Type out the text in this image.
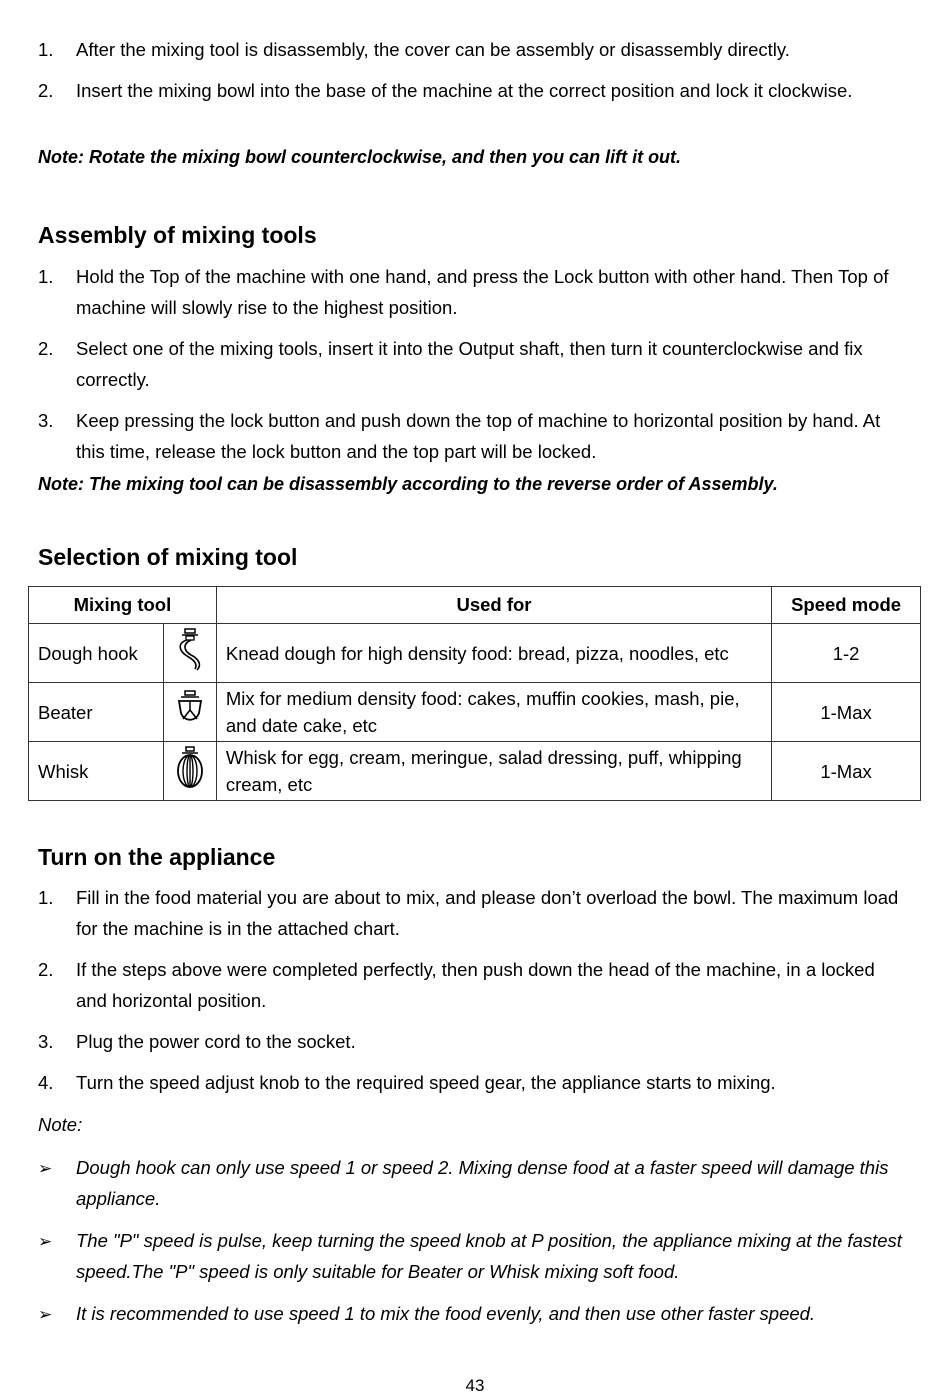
1. After the mixing tool is disassembly, the cover can be assembly or disassembly directly.
2. Insert the mixing bowl into the base of the machine at the correct position and lock it clockwise.
Note: Rotate the mixing bowl counterclockwise, and then you can lift it out.
Assembly of mixing tools
1. Hold the Top of the machine with one hand, and press the Lock button with other hand. Then Top of machine will slowly rise to the highest position.
2. Select one of the mixing tools, insert it into the Output shaft, then turn it counterclockwise and fix correctly.
3. Keep pressing the lock button and push down the top of machine to horizontal position by hand. At this time, release the lock button and the top part will be locked.
Note: The mixing tool can be disassembly according to the reverse order of Assembly.
Selection of mixing tool
Mixing tool		Used for	Speed mode
Dough hook		Knead dough for high density food: bread, pizza, noodles, etc	1-2
Beater		Mix for medium density food: cakes, muffin cookies, mash, pie, and date cake, etc	1-Max
Whisk		Whisk for egg, cream, meringue, salad dressing, puff, whipping cream, etc	1-Max
Turn on the appliance
1. Fill in the food material you are about to mix, and please don’t overload the bowl. The maximum load for the machine is in the attached chart.
2. If the steps above were completed perfectly, then push down the head of the machine, in a locked and horizontal position.
3. Plug the power cord to the socket.
4. Turn the speed adjust knob to the required speed gear, the appliance starts to mixing.
Note:
➢ Dough hook can only use speed 1 or speed 2. Mixing dense food at a faster speed will damage this appliance.
➢ The "P" speed is pulse, keep turning the speed knob at P position, the appliance mixing at the fastest speed.The "P" speed is only suitable for Beater or Whisk mixing soft food.
➢ It is recommended to use speed 1 to mix the food evenly, and then use other faster speed.
43
